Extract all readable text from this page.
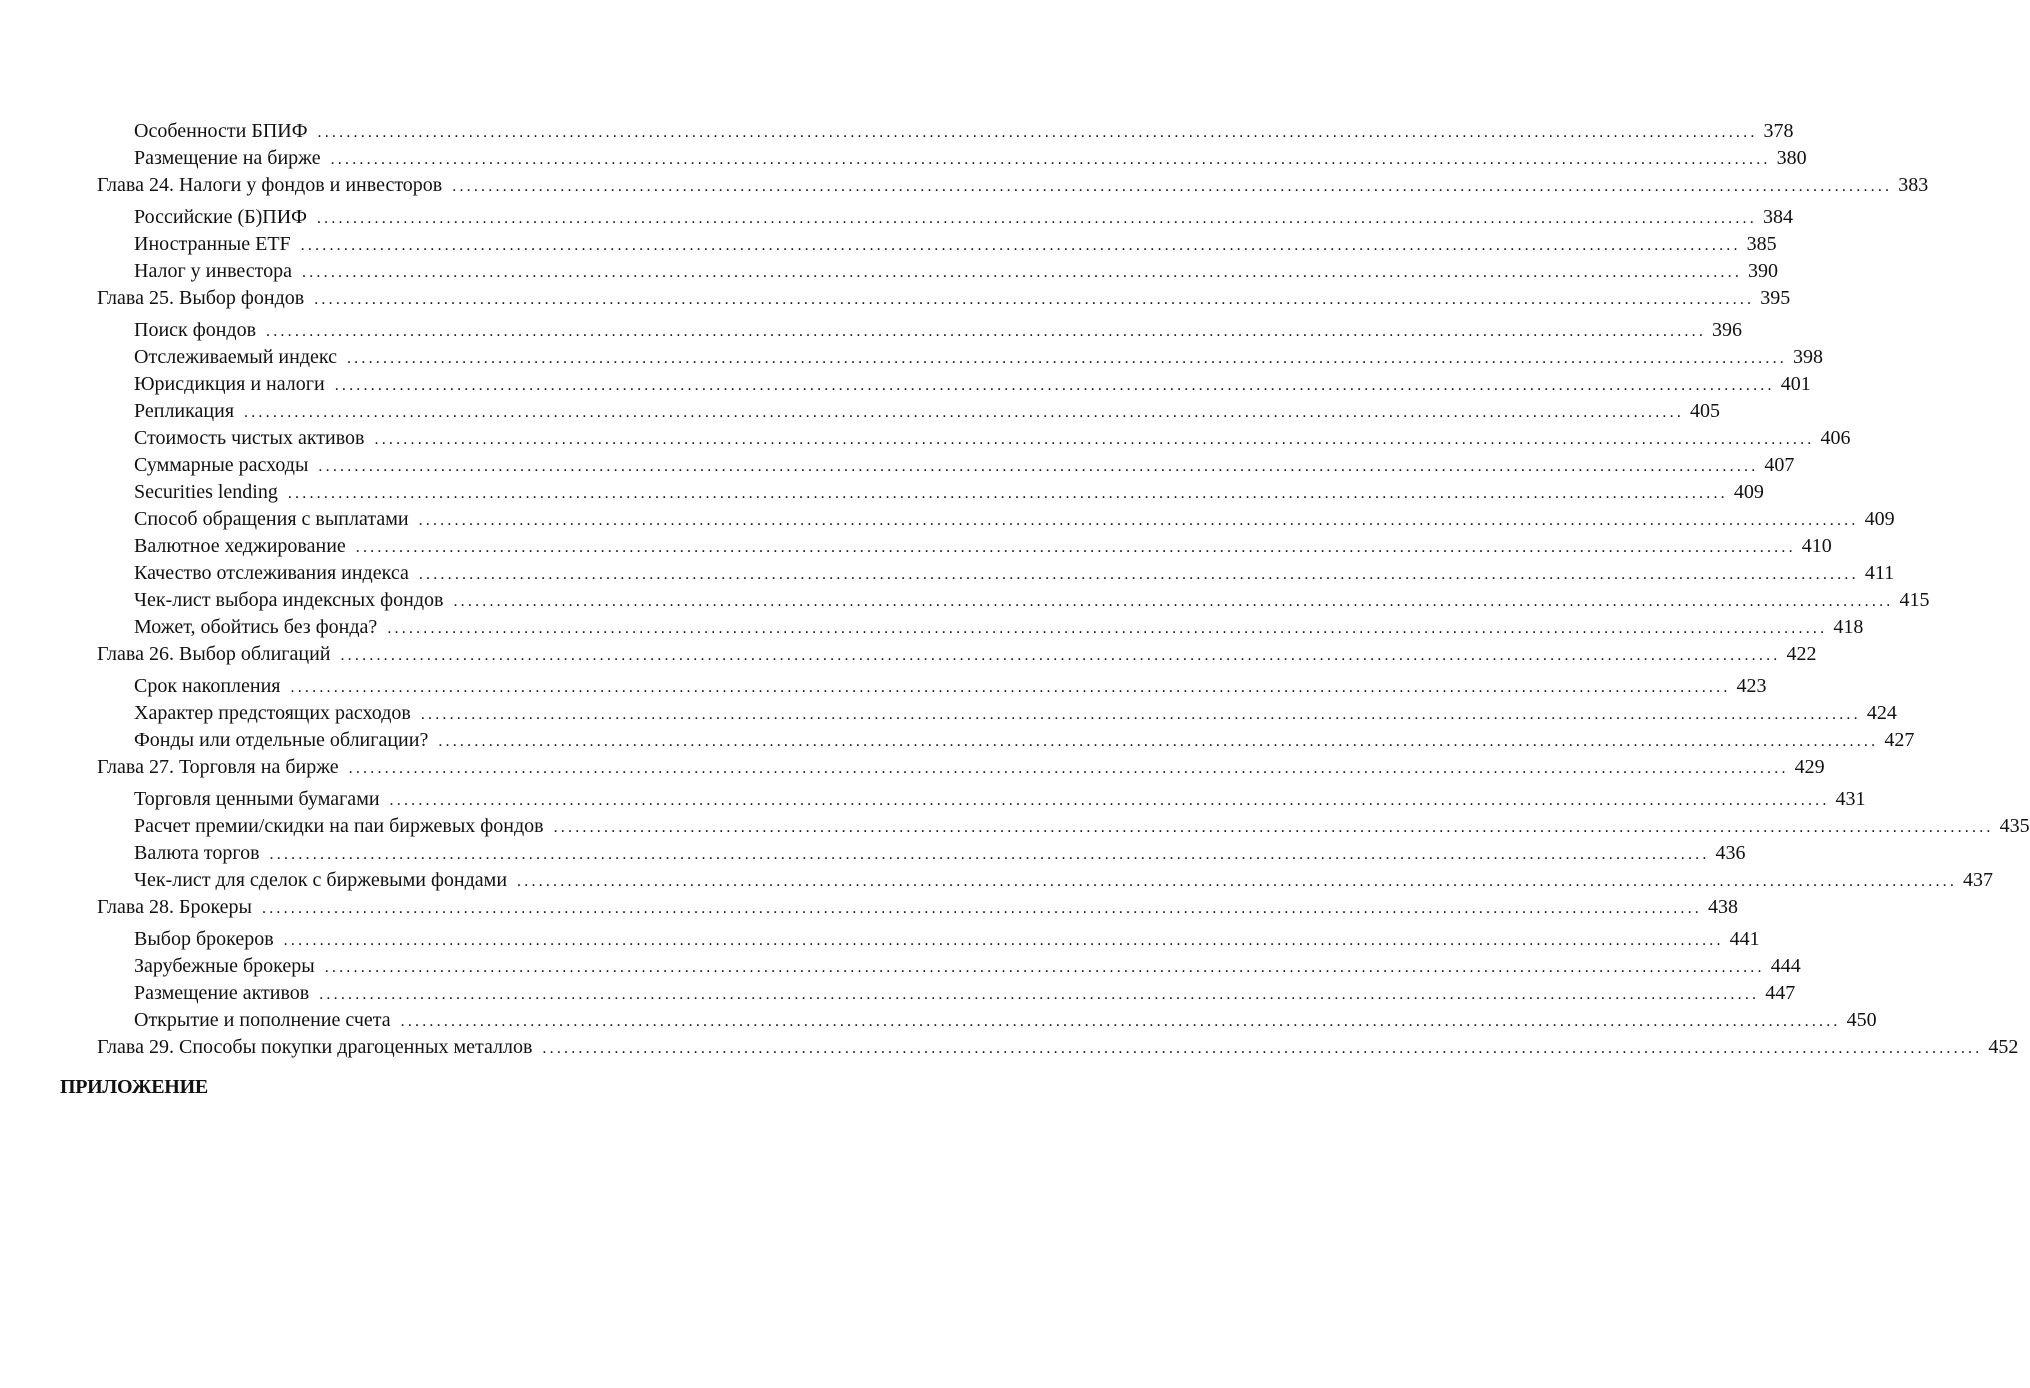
Особенности БПИФ ........................................................................................................................................................................................................ 378
Размещение на бирже ........................................................................................................................................................................................................ 380
Глава 24. Налоги у фондов и инвесторов ........................................................................................................................................................................................................ 383
Российские (Б)ПИФ ........................................................................................................................................................................................................ 384
Иностранные ETF ........................................................................................................................................................................................................ 385
Налог у инвестора ........................................................................................................................................................................................................ 390
Глава 25. Выбор фондов ........................................................................................................................................................................................................ 395
Поиск фондов ........................................................................................................................................................................................................ 396
Отслеживаемый индекс ........................................................................................................................................................................................................ 398
Юрисдикция и налоги ........................................................................................................................................................................................................ 401
Репликация ........................................................................................................................................................................................................ 405
Стоимость чистых активов ........................................................................................................................................................................................................ 406
Суммарные расходы ........................................................................................................................................................................................................ 407
Securities lending ........................................................................................................................................................................................................ 409
Способ обращения с выплатами ........................................................................................................................................................................................................ 409
Валютное хеджирование ........................................................................................................................................................................................................ 410
Качество отслеживания индекса ........................................................................................................................................................................................................ 411
Чек-лист выбора индексных фондов ........................................................................................................................................................................................................ 415
Может, обойтись без фонда? ........................................................................................................................................................................................................ 418
Глава 26. Выбор облигаций ........................................................................................................................................................................................................ 422
Срок накопления ........................................................................................................................................................................................................ 423
Характер предстоящих расходов ........................................................................................................................................................................................................ 424
Фонды или отдельные облигации? ........................................................................................................................................................................................................ 427
Глава 27. Торговля на бирже ........................................................................................................................................................................................................ 429
Торговля ценными бумагами ........................................................................................................................................................................................................ 431
Расчет премии/скидки на паи биржевых фондов ........................................................................................................................................................................................................ 435
Валюта торгов ........................................................................................................................................................................................................ 436
Чек-лист для сделок с биржевыми фондами ........................................................................................................................................................................................................ 437
Глава 28. Брокеры ........................................................................................................................................................................................................ 438
Выбор брокеров ........................................................................................................................................................................................................ 441
Зарубежные брокеры ........................................................................................................................................................................................................ 444
Размещение активов ........................................................................................................................................................................................................ 447
Открытие и пополнение счета ........................................................................................................................................................................................................ 450
Глава 29. Способы покупки драгоценных металлов ........................................................................................................................................................................................................ 452
ПРИЛОЖЕНИЕ
